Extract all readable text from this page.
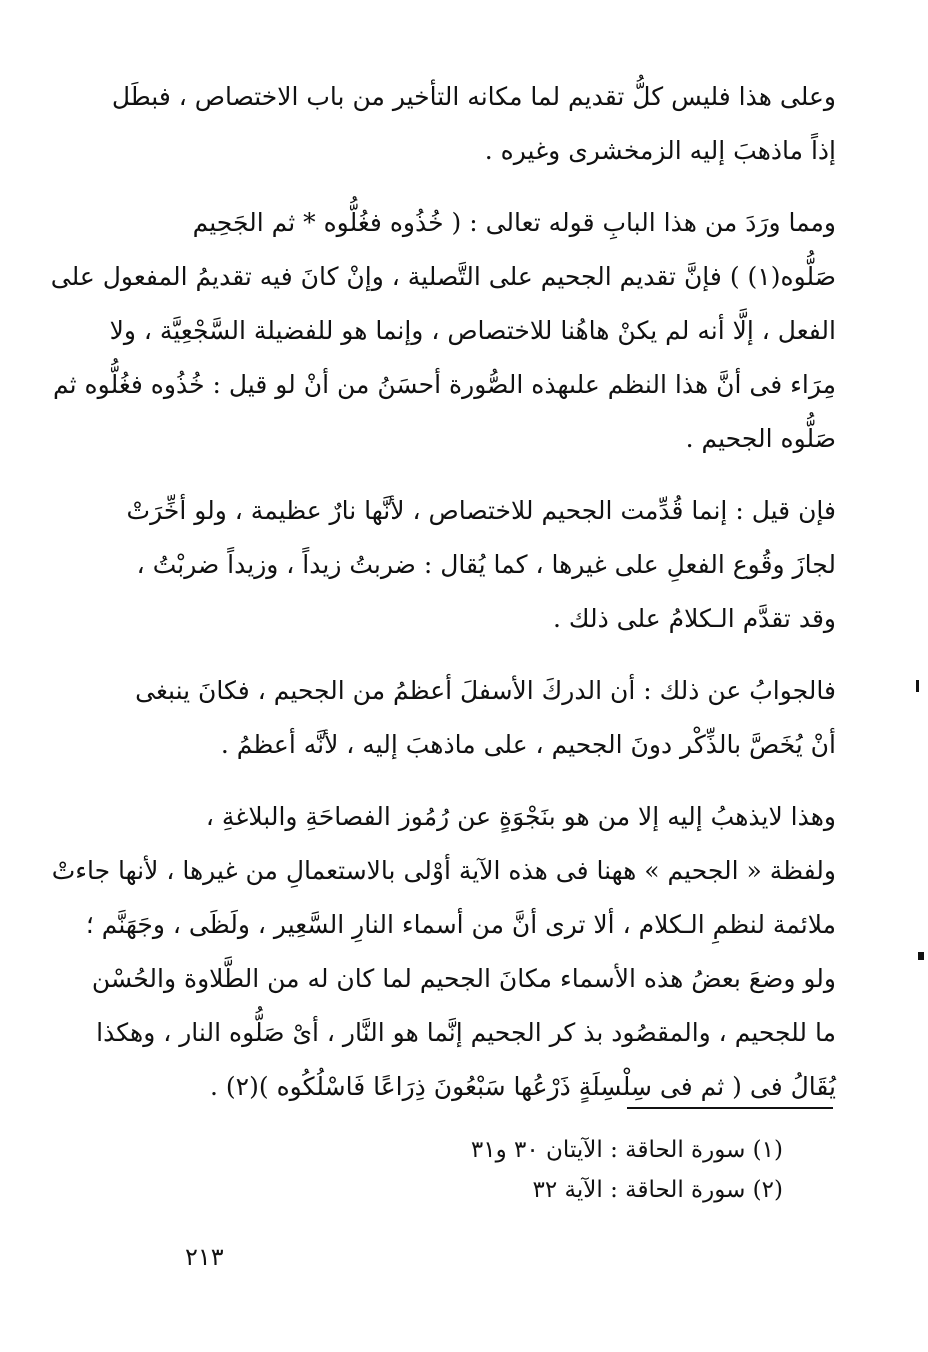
وعلى هذا فليس كلُّ تقديم لما مكانه التأخير من باب الاختصاص ، فبطَل
إذاً ماذهبَ إليه الزمخشرى وغيره .

ومما ورَدَ من هذا البابِ قوله تعالى : ( خُذُوه فغُلُّوه * ثم الجَحِيم
صَلُّوه(١) ) فإنَّ تقديم الجحيم على التَّصلية ، وإنْ كانَ فيه تقديمُ المفعول على
الفعل ، إلَّا أنه لم يكنْ هاهُنا للاختصاص ، وإنما هو للفضيلة السَّجْعِيَّة ، ولا
مِرَاء فى أنَّ هذا النظم علىهذه الصُّورة أحسَنُ من أنْ لو قيل : خُذُوه فغُلُّوه ثم
صَلُّوه الجحيم .

فإن قيل : إنما قُدِّمت الجحيم للاختصاص ، لأنَّها نارٌ عظيمة ، ولو أخِّرَتْ
لجازَ وقُوع الفعلِ على غيرها ، كما يُقال : ضربتُ زيداً ، وزيداً ضربْتُ ،
وقد تقدَّم الـكلامُ على ذلك .

فالجوابُ عن ذلك : أن الدركَ الأسفلَ أعظمُ من الجحيم ، فكانَ ينبغى
أنْ يُخَصَّ بالذِّكْر دونَ الجحيم ، على ماذهبَ إليه ، لأنَّه أعظمُ .

وهذا لايذهبُ إليه إلا من هو بنَجْوَةٍ عن رُمُوز الفصاحَةِ والبلاغةِ ،
ولفظة « الجحيم » ههنا فى هذه الآية أوْلى بالاستعمالِ من غيرها ، لأنها جاءتْ
ملائمة لنظمِ الـكلام ، ألا ترى أنَّ من أسماء النارِ السَّعِير ، ولَظَى ، وجَهَنَّم ؛
ولو وضعَ بعضُ هذه الأسماء مكانَ الجحيم لما كان له من الطَّلاوة والحُسْن
ما للجحيم ، والمقصُود بذ كر الجحيم إنَّما هو النَّار ، أىْ صَلُّوه النار ، وهكذا
يُقَالُ فى ( ثم فى سِلْسِلَةٍ ذَرْعُها سَبْعُونَ ذِرَاعًا فَاسْلُكُوه )(٢) .

(١) سورة الحاقة : الآيتان ٣٠ و٣١
(٢) سورة الحاقة : الآية ٣٢
٢١٣
